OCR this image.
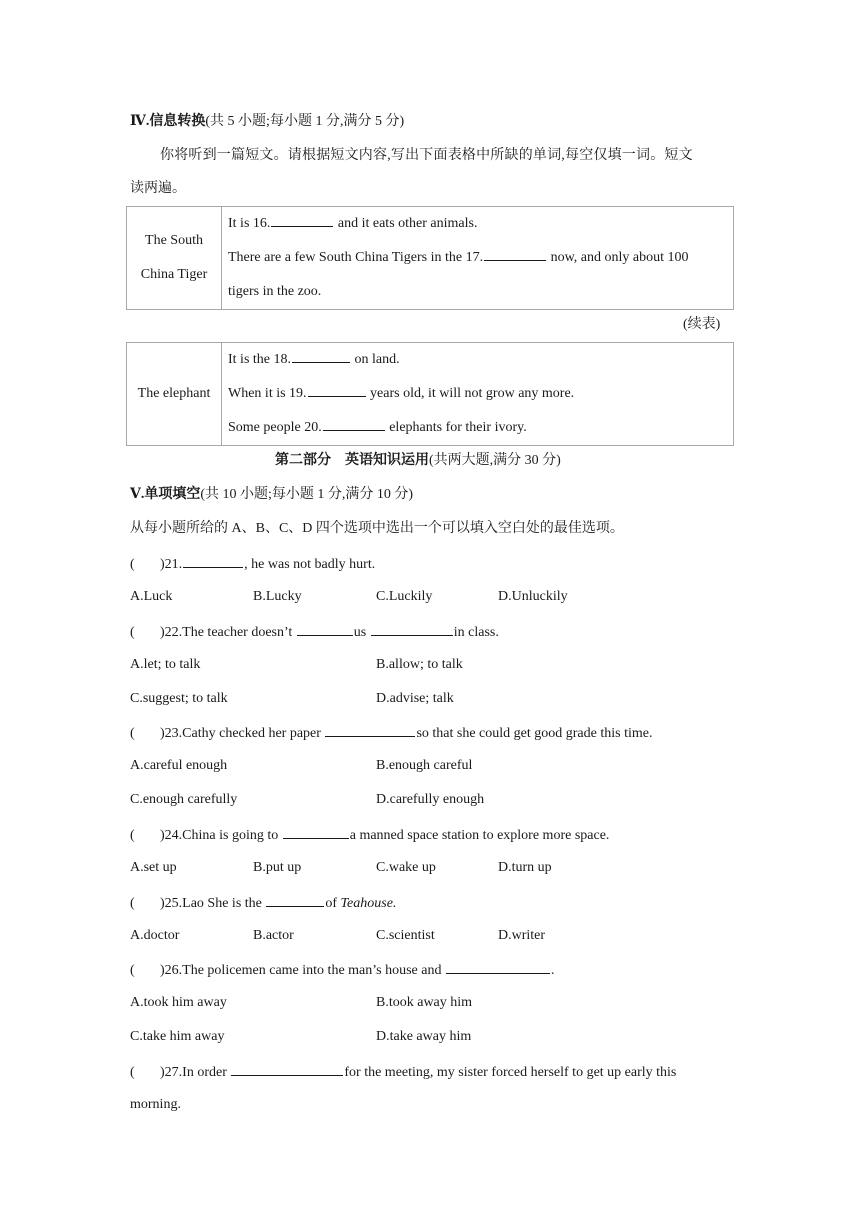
Ⅳ.信息转换(共 5 小题;每小题 1 分,满分 5 分)
你将听到一篇短文。请根据短文内容,写出下面表格中所缺的单词,每空仅填一词。短文
读两遍。
The South
China Tiger

It is 16.	and it eats other animals.
There are a few South China Tigers in the 17.	now, and only about 100
tigers in the zoo.
(续表)
The elephant

It is the 18.	on land.
When it is 19.	years old, it will not grow any more.
Some people 20.	elephants for their ivory.
第二部分 英语知识运用(共两大题,满分 30 分)
Ⅴ.单项填空(共 10 小题;每小题 1 分,满分 10 分)
从每小题所给的 A、B、C、D 四个选项中选出一个可以填入空白处的最佳选项。
( )21.	, he was not badly hurt.
A.Luck	B.Lucky	C.Luckily	D.Unluckily
( )22.The teacher doesn’t	us	in class.
A.let; to talk	B.allow; to talk
C.suggest; to talk	D.advise; talk
( )23.Cathy checked her paper	so that she could get good grade this time.
A.careful enough	B.enough careful
C.enough carefully	D.carefully enough
( )24.China is going to	a manned space station to explore more space.
A.set up	B.put up	C.wake up	D.turn up
( )25.Lao She is the	of Teahouse.
A.doctor	B.actor	C.scientist	D.writer
( )26.The policemen came into the man’s house and	.
A.took him away	B.took away him
C.take him away	D.take away him
( )27.In order	for the meeting, my sister forced herself to get up early this
morning.
